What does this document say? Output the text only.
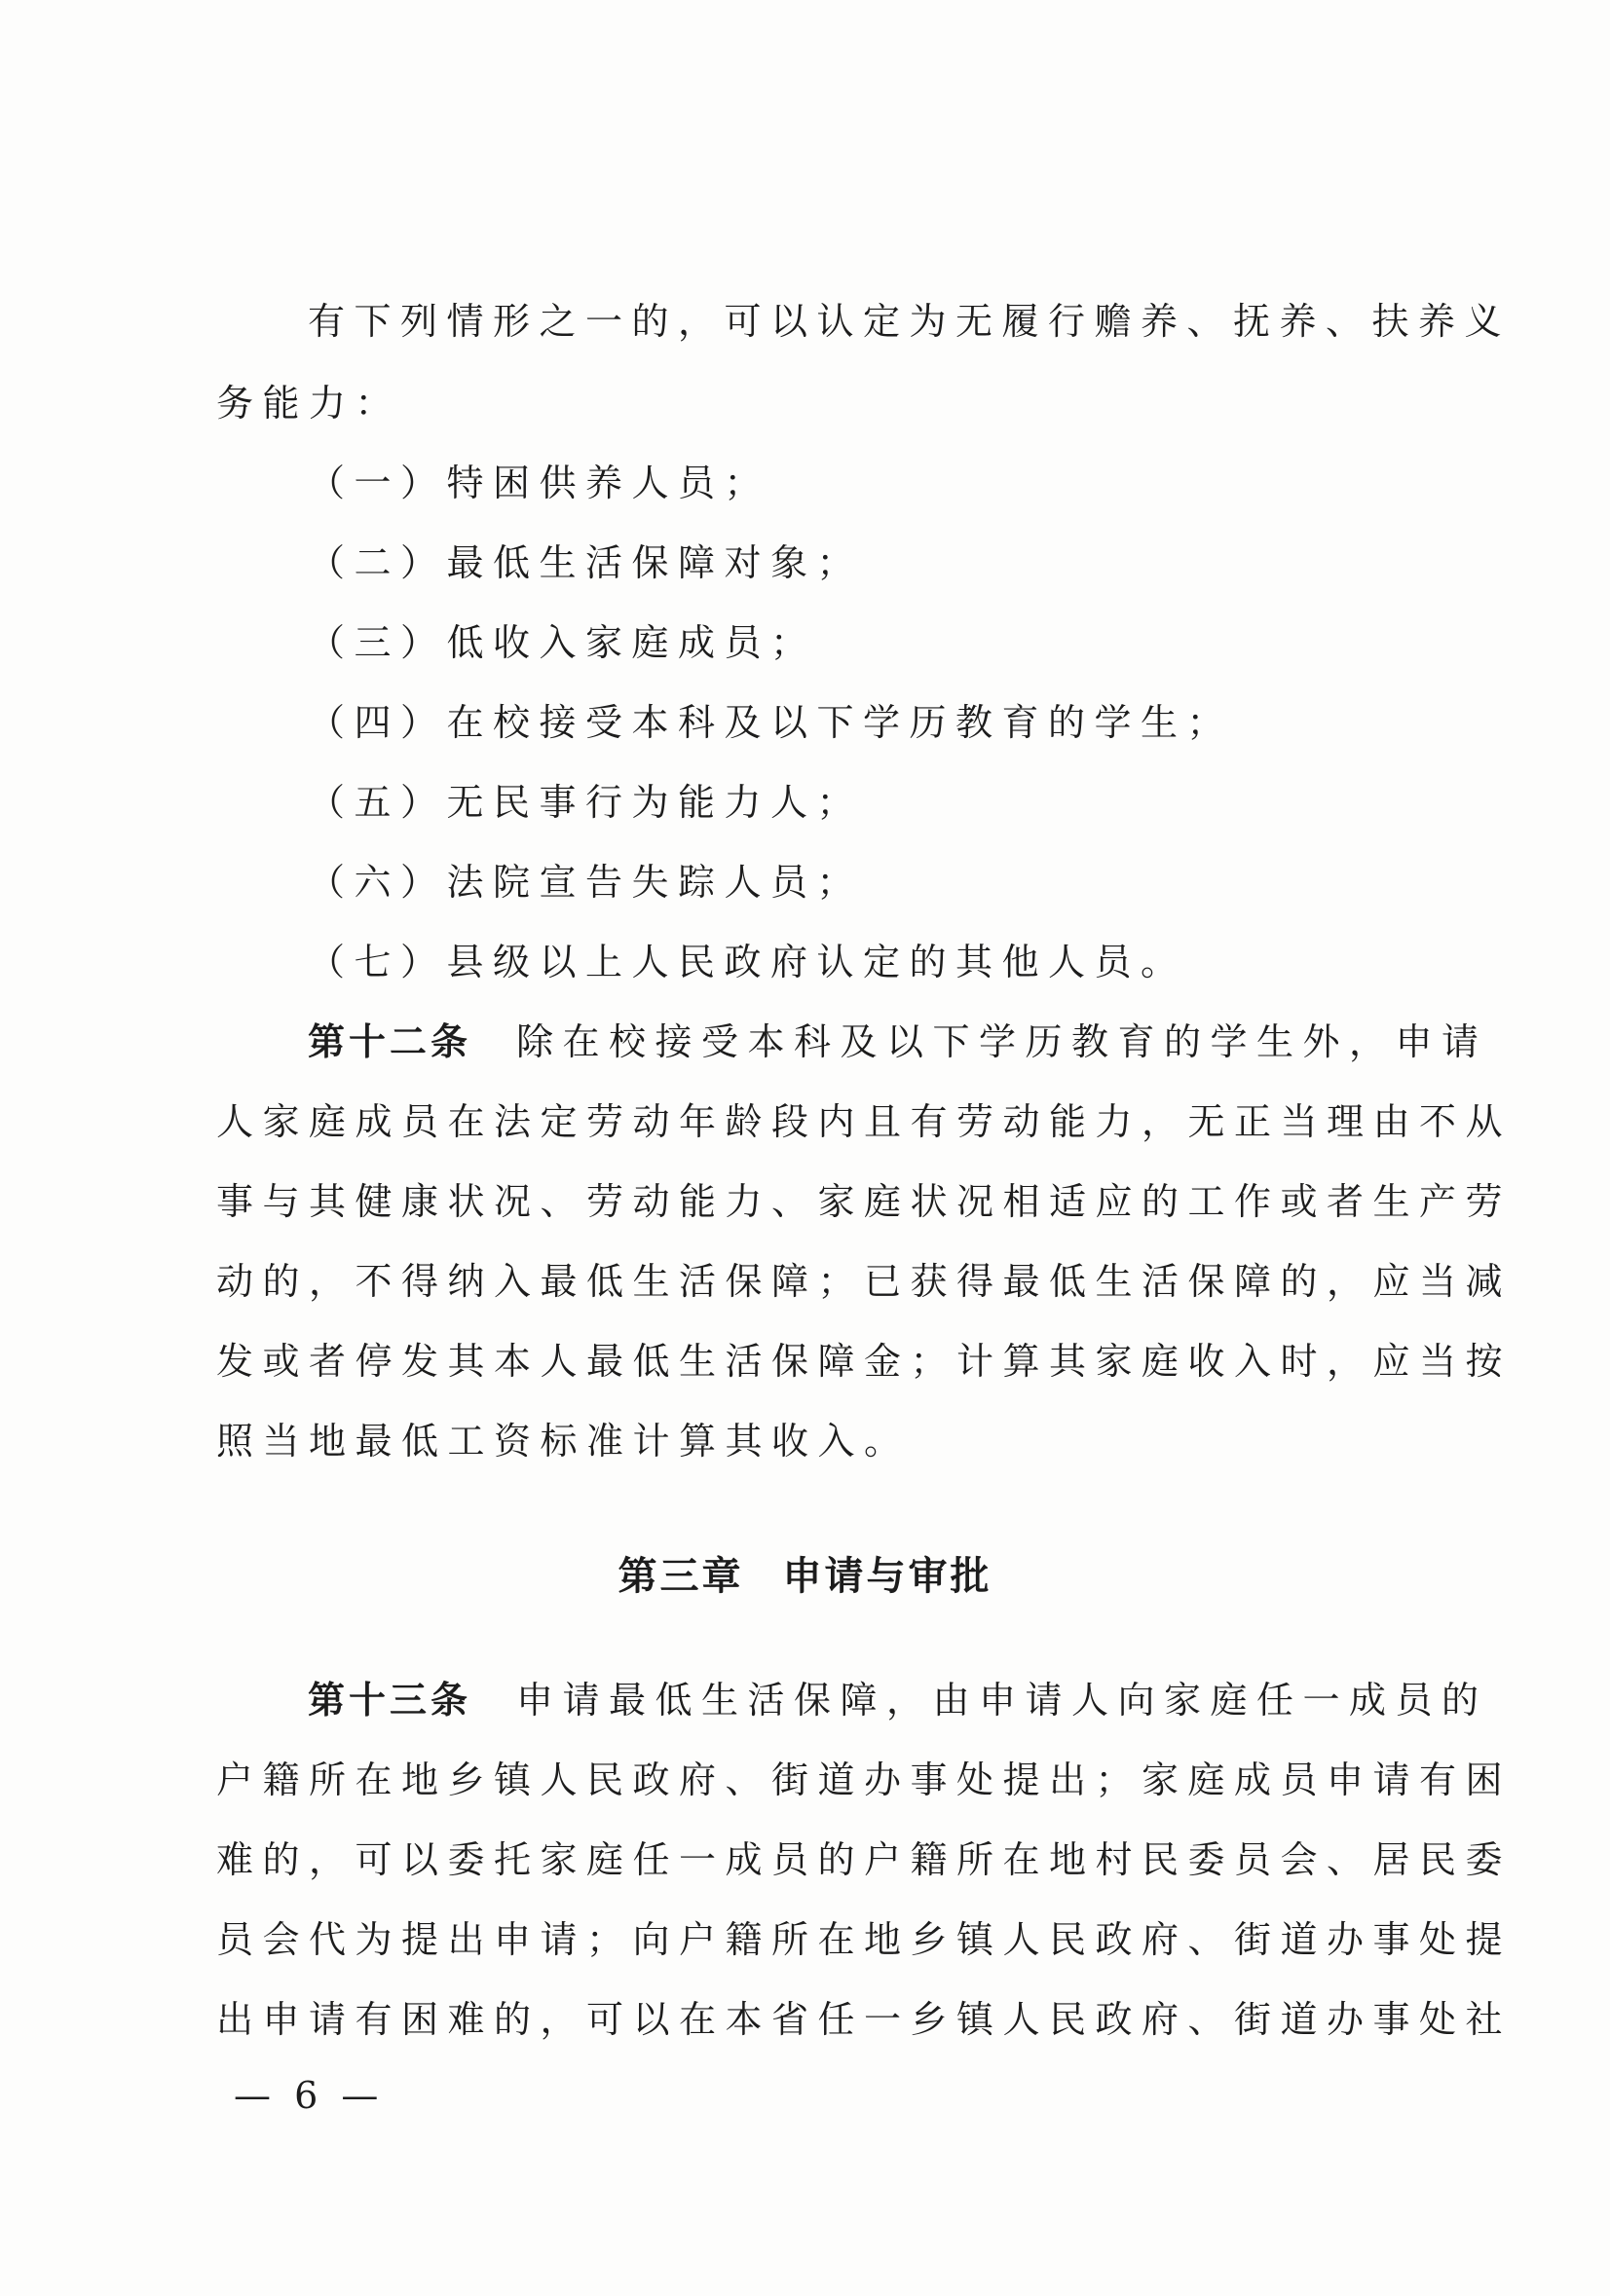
有下列情形之一的，可以认定为无履行赡养、抚养、扶养义
务能力：
（一）特困供养人员；
（二）最低生活保障对象；
（三）低收入家庭成员；
（四）在校接受本科及以下学历教育的学生；
（五）无民事行为能力人；
（六）法院宣告失踪人员；
（七）县级以上人民政府认定的其他人员。
第十二条 除在校接受本科及以下学历教育的学生外，申请
人家庭成员在法定劳动年龄段内且有劳动能力，无正当理由不从
事与其健康状况、劳动能力、家庭状况相适应的工作或者生产劳
动的，不得纳入最低生活保障；已获得最低生活保障的，应当减
发或者停发其本人最低生活保障金；计算其家庭收入时，应当按
照当地最低工资标准计算其收入。
第三章 申请与审批
第十三条 申请最低生活保障，由申请人向家庭任一成员的
户籍所在地乡镇人民政府、街道办事处提出；家庭成员申请有困
难的，可以委托家庭任一成员的户籍所在地村民委员会、居民委
员会代为提出申请；向户籍所在地乡镇人民政府、街道办事处提
出申请有困难的，可以在本省任一乡镇人民政府、街道办事处社
— 6 —
